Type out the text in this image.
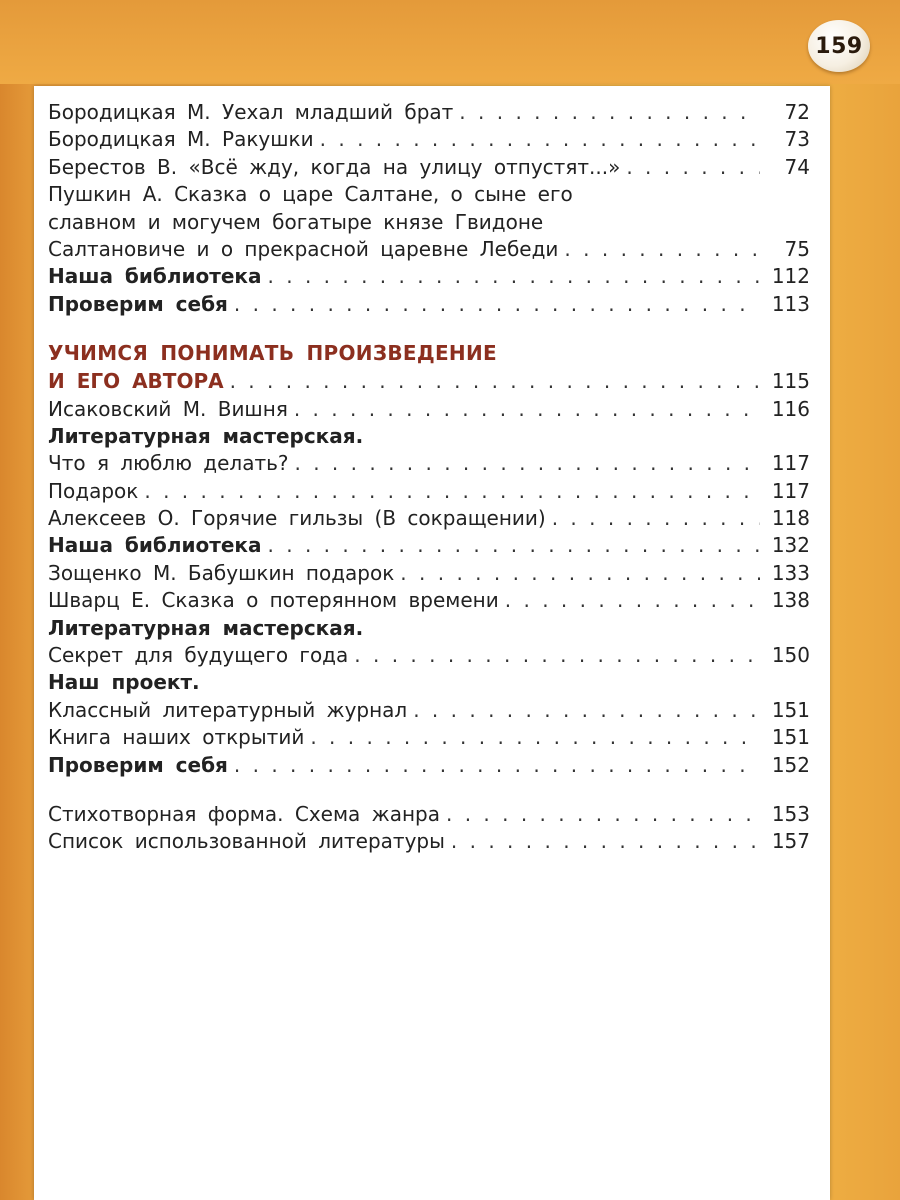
159
Бородицкая М. Уехал младший брат . . .	72
Бородицкая М. Ракушки . . .	73
Берестов В. «Всё жду, когда на улицу отпустят...» . . .	74
Пушкин А. Сказка о царе Салтане, о сыне его
славном и могучем богатыре князе Гвидоне
Салтановиче и о прекрасной царевне Лебеди . . .	75
Наша библиотека . . .	112
Проверим себя . . .	113
УЧИМСЯ ПОНИМАТЬ ПРОИЗВЕДЕНИЕ
И ЕГО АВТОРА . . .	115
Исаковский М. Вишня . . .	116
Литературная мастерская.
Что я люблю делать? . . .	117
Подарок . . .	117
Алексеев О. Горячие гильзы (В сокращении) . . .	118
Наша библиотека . . .	132
Зощенко М. Бабушкин подарок . . .	133
Шварц Е. Сказка о потерянном времени . . .	138
Литературная мастерская.
Секрет для будущего года . . .	150
Наш проект.
Классный литературный журнал . . .	151
Книга наших открытий . . .	151
Проверим себя . . .	152
Стихотворная форма. Схема жанра . . .	153
Список использованной литературы . . .	157
